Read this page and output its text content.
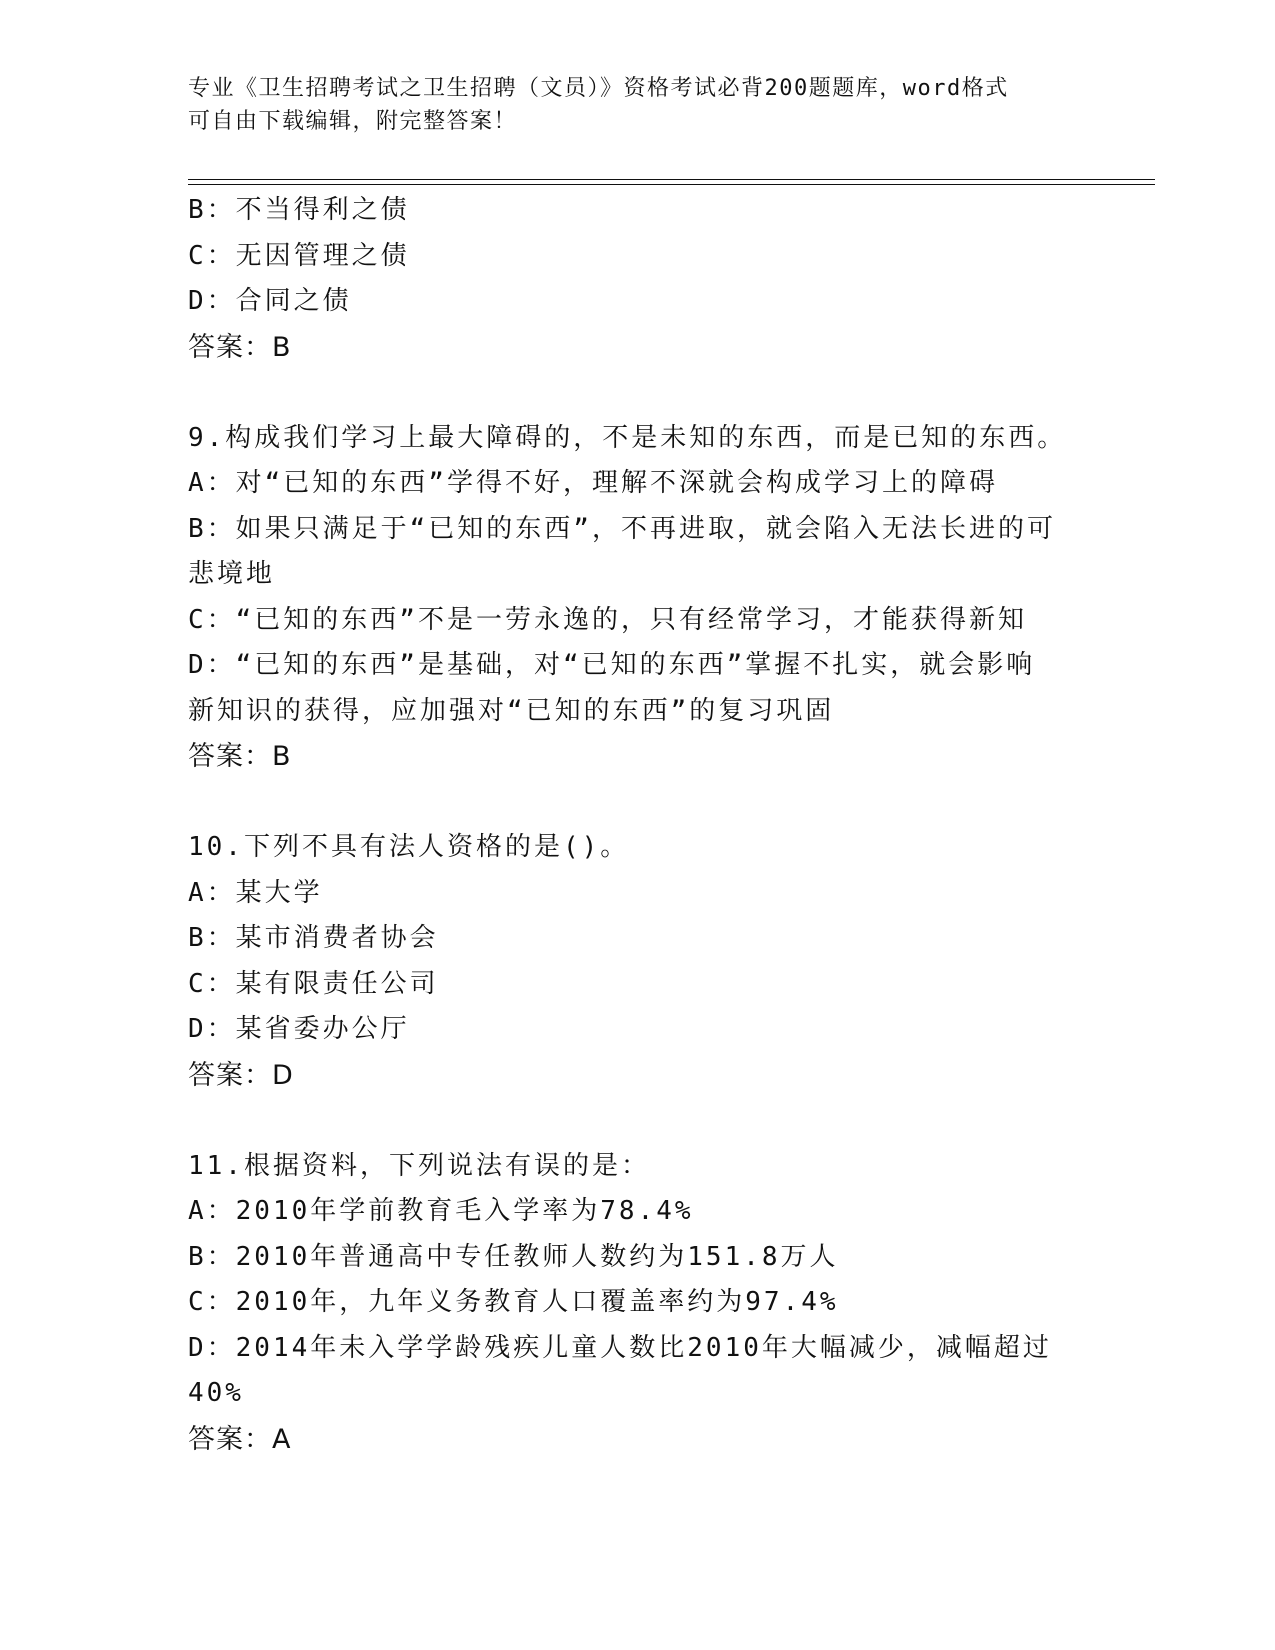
专业《卫生招聘考试之卫生招聘（文员）》资格考试必背200题题库，word格式
可自由下载编辑，附完整答案！
B：不当得利之债
C：无因管理之债
D：合同之债
答案：B
9.构成我们学习上最大障碍的，不是未知的东西，而是已知的东西。
A：对“已知的东西”学得不好，理解不深就会构成学习上的障碍
B：如果只满足于“已知的东西”，不再进取，就会陷入无法长进的可
悲境地
C：“已知的东西”不是一劳永逸的，只有经常学习，才能获得新知
D：“已知的东西”是基础，对“已知的东西”掌握不扎实，就会影响
新知识的获得，应加强对“已知的东西”的复习巩固
答案：B
10.下列不具有法人资格的是()。
A：某大学
B：某市消费者协会
C：某有限责任公司
D：某省委办公厅
答案：D
11.根据资料，下列说法有误的是：
A：2010年学前教育毛入学率为78.4%
B：2010年普通高中专任教师人数约为151.8万人
C：2010年，九年义务教育人口覆盖率约为97.4%
D：2014年未入学学龄残疾儿童人数比2010年大幅减少，减幅超过
40%
答案：A
